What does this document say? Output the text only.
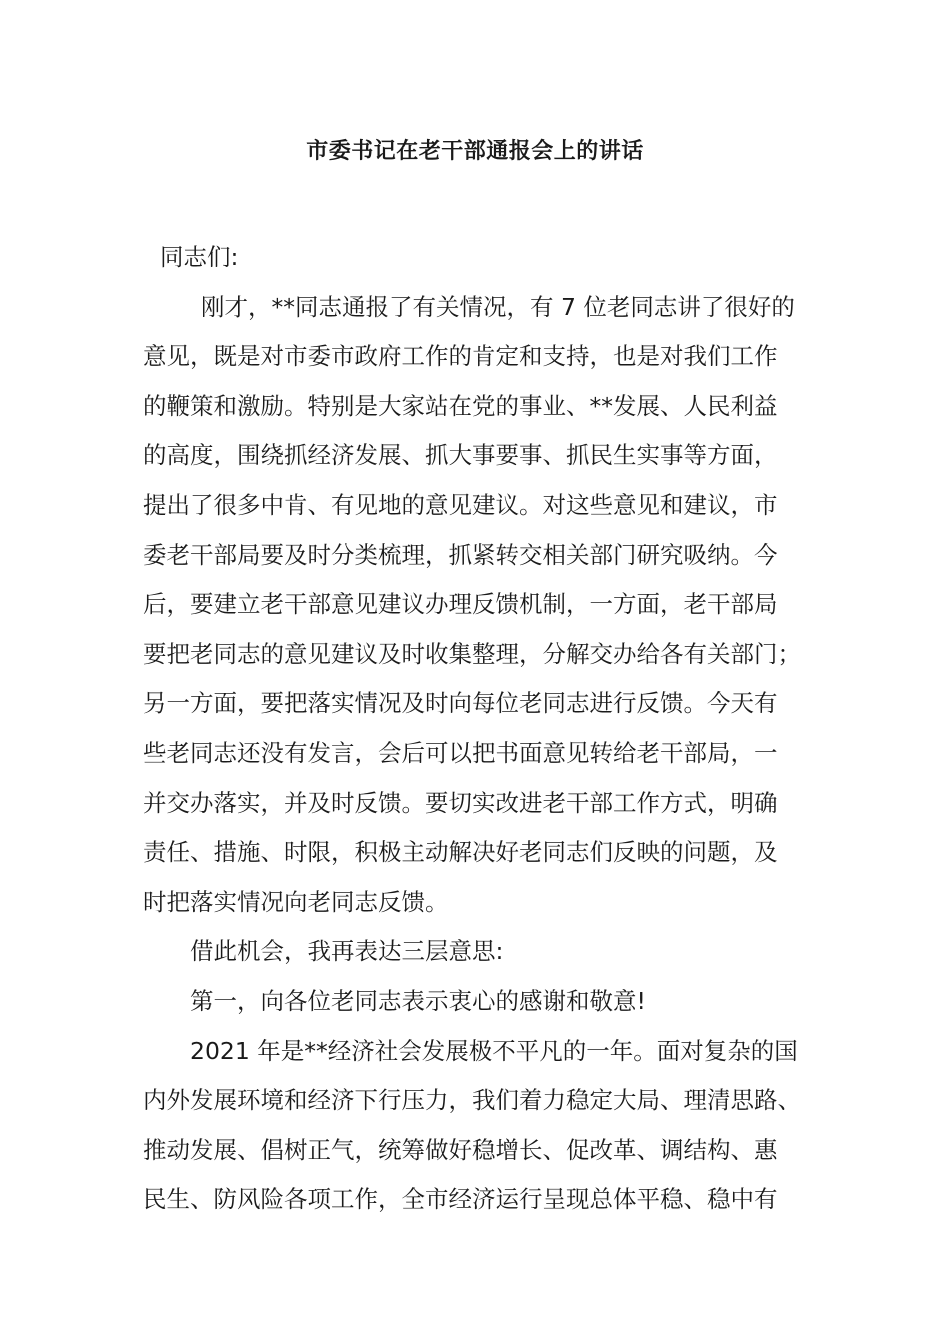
市委书记在老干部通报会上的讲话
同志们:
刚才，**同志通报了有关情况，有 7 位老同志讲了很好的
意见，既是对市委市政府工作的肯定和支持，也是对我们工作
的鞭策和激励。特别是大家站在党的事业、**发展、人民利益
的高度，围绕抓经济发展、抓大事要事、抓民生实事等方面，
提出了很多中肯、有见地的意见建议。对这些意见和建议，市
委老干部局要及时分类梳理，抓紧转交相关部门研究吸纳。今
后，要建立老干部意见建议办理反馈机制，一方面，老干部局
要把老同志的意见建议及时收集整理，分解交办给各有关部门；
另一方面，要把落实情况及时向每位老同志进行反馈。今天有
些老同志还没有发言，会后可以把书面意见转给老干部局，一
并交办落实，并及时反馈。要切实改进老干部工作方式，明确
责任、措施、时限，积极主动解决好老同志们反映的问题，及
时把落实情况向老同志反馈。
借此机会，我再表达三层意思:
第一，向各位老同志表示衷心的感谢和敬意!
2021 年是**经济社会发展极不平凡的一年。面对复杂的国
内外发展环境和经济下行压力，我们着力稳定大局、理清思路、
推动发展、倡树正气，统筹做好稳增长、促改革、调结构、惠
民生、防风险各项工作，全市经济运行呈现总体平稳、稳中有
